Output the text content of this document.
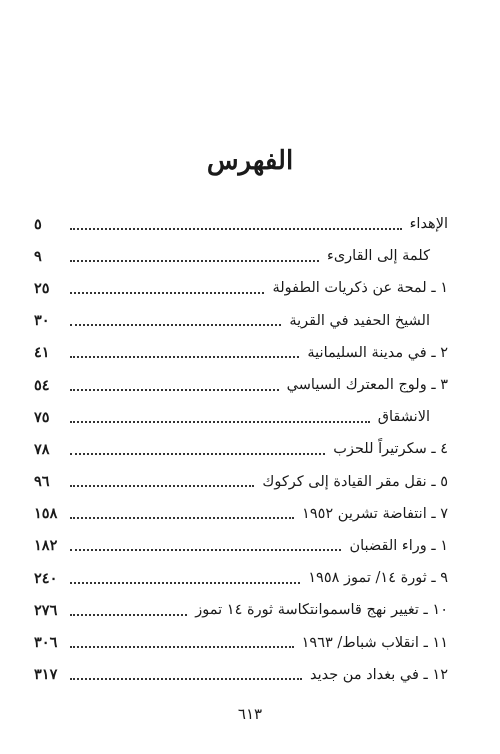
الفهرس
الإهداء
٥
كلمة إلى القارىء
٩
١ ـ لمحة عن ذكريات الطفولة
٢٥
الشيخ الحفيد في القرية
٣٠
٢ ـ في مدينة السليمانية
٤١
٣ ـ ولوج المعترك السياسي
٥٤
الانشقاق
٧٥
٤ ـ سكرتيراً للحزب
٧٨
٥ ـ نقل مقر القيادة إلى كركوك
٩٦
٧ ـ انتفاضة تشرين ١٩٥٢
١٥٨
١ ـ وراء القضبان
١٨٢
٩ ـ ثورة ١٤/ تموز ١٩٥٨
٢٤٠
١٠ ـ تغيير نهج قاسموانتكاسة ثورة ١٤ تموز
٢٧٦
١١ ـ انقلاب شباط/ ١٩٦٣
٣٠٦
١٢ ـ في بغداد من جديد
٣١٧
٦١٣
